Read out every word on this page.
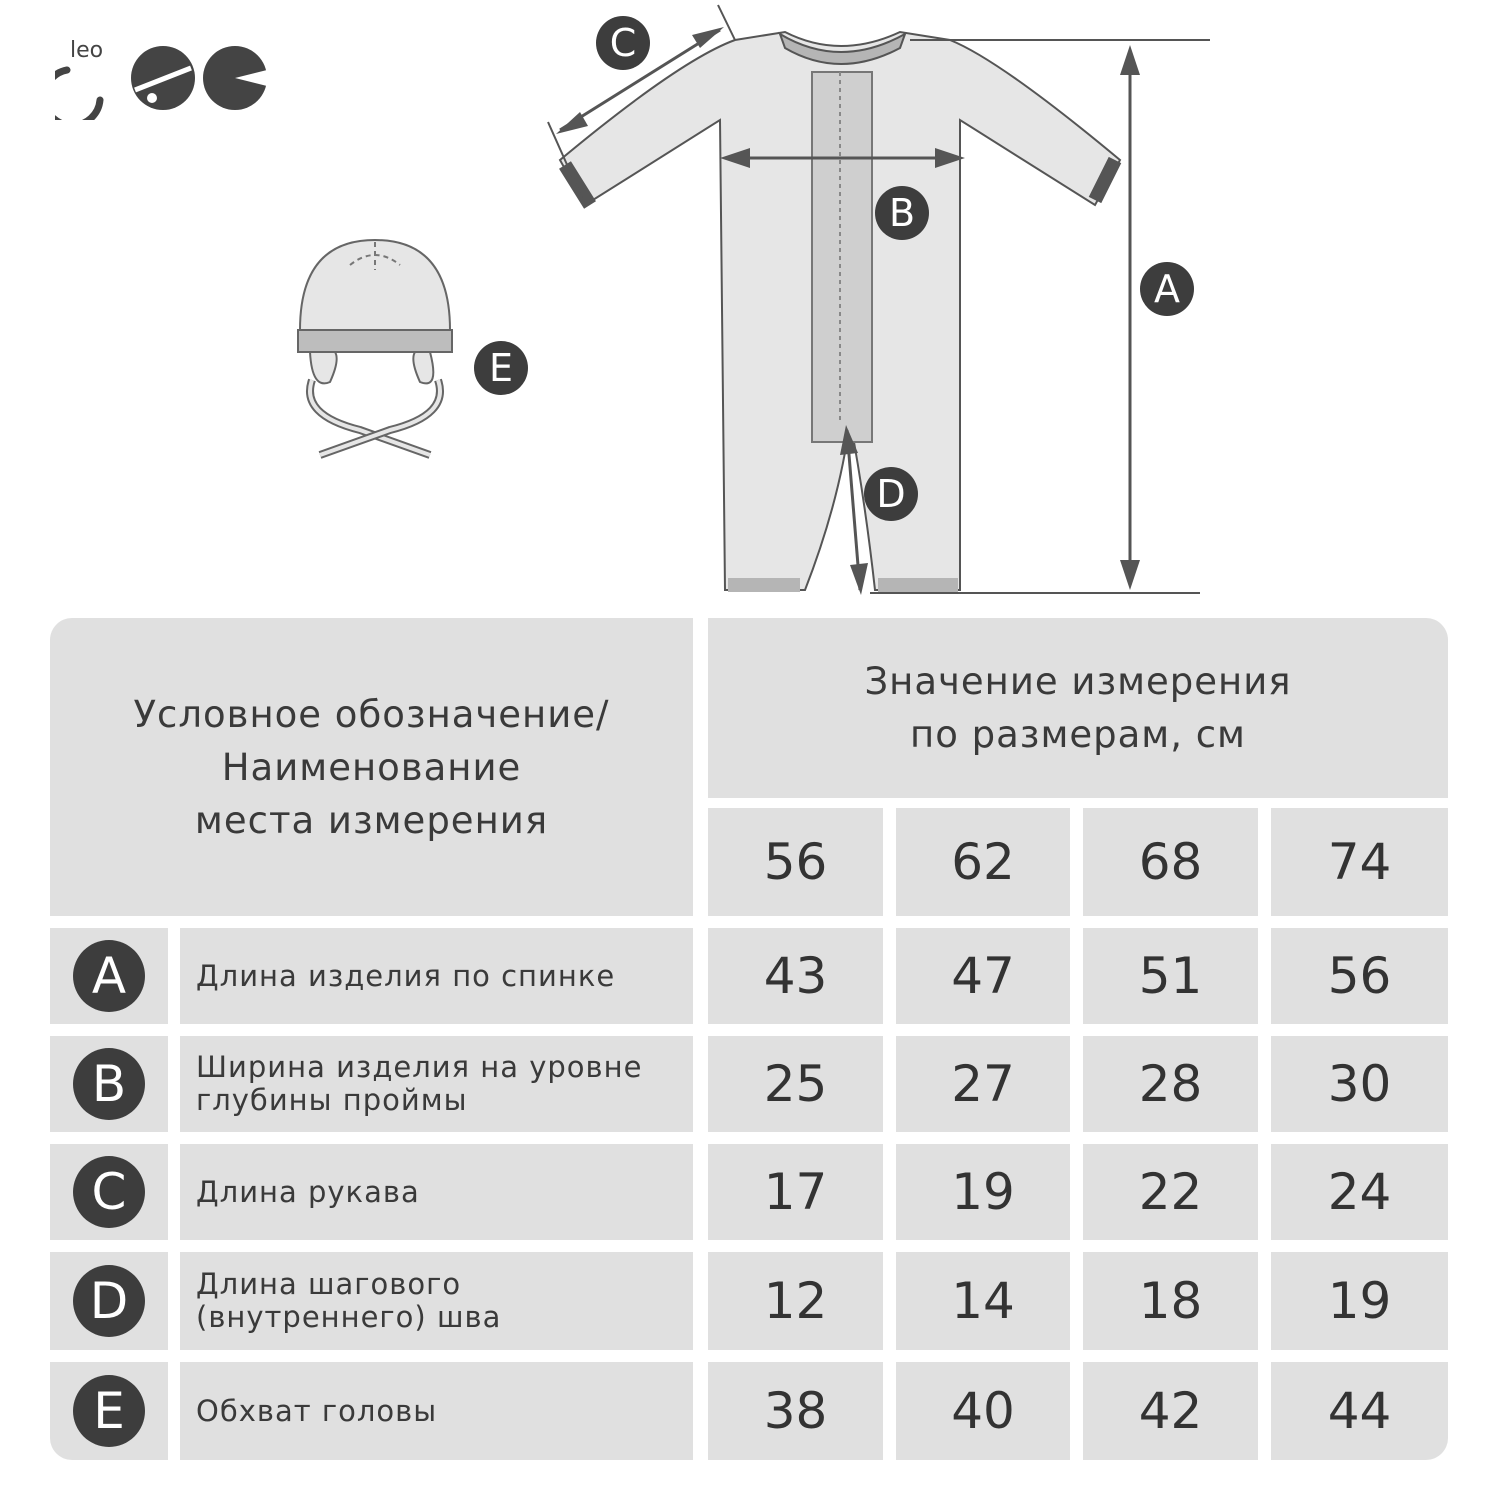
leo
E
C
B
A
D
Условное обозначение/
Наименование
места измерения
Значение измерения
по размерам, см
56	62	68	74
A	Длина изделия по спинке	43	47	51	56
B	Ширина изделия на уровне
глубины проймы	25	27	28	30
C	Длина рукава	17	19	22	24
D	Длина шагового
(внутреннего) шва	12	14	18	19
E	Обхват головы	38	40	42	44
